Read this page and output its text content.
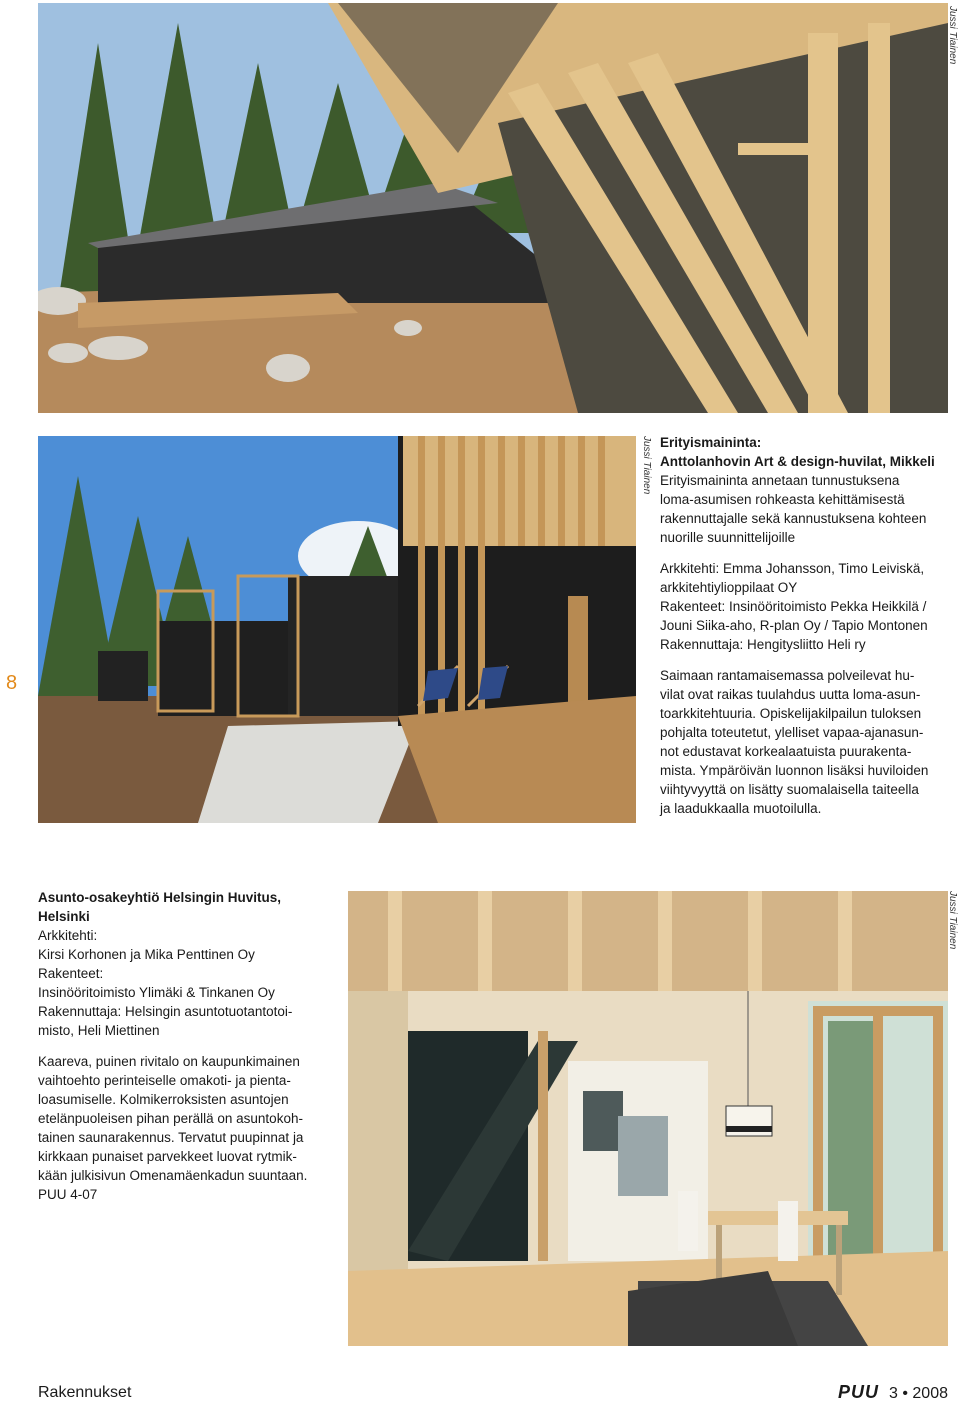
Jussi Tiainen
Jussi Tiainen
8

Erityismaininta:

Anttolanhovin Art & design-huvilat, Mikkeli

Erityismaininta annetaan tunnustuksena

loma-asumisen rohkeasta kehittämisestä

rakennuttajalle sekä kannustuksena kohteen

nuorille suunnittelijoille

Arkkitehti: Emma Johansson, Timo Leiviskä,

arkkitehtiylioppilaat OY

Rakenteet: Insinööritoimisto Pekka Heikkilä /

Jouni Siika-aho, R-plan Oy / Tapio Montonen

Rakennuttaja: Hengitysliitto Heli ry

Saimaan rantamaisemassa polveilevat hu-

vilat ovat raikas tuulahdus uutta loma-asun-

toarkkitehtuuria. Opiskelijakilpailun tuloksen

pohjalta toteutetut, ylelliset vapaa-ajanasun-

not edustavat korkealaatuista puurakenta-

mista. Ympäröivän luonnon lisäksi huviloiden

viihtyvyyttä on lisätty suomalaisella taiteella

ja laadukkaalla muotoilulla.

Asunto-osakeyhtiö Helsingin Huvitus,

Helsinki

Arkkitehti:

Kirsi Korhonen ja Mika Penttinen Oy

Rakenteet:

Insinööritoimisto Ylimäki & Tinkanen Oy

Rakennuttaja: Helsingin asuntotuotantotoi-

misto, Heli Miettinen

Kaareva, puinen rivitalo on kaupunkimainen

vaihtoehto perinteiselle omakoti- ja pienta-

loasumiselle. Kolmikerroksisten asuntojen

etelänpuoleisen pihan perällä on asuntokoh-

tainen saunarakennus. Tervatut puupinnat ja

kirkkaan punaiset parvekkeet luovat rytmik-

kään julkisivun Omenamäenkadun suuntaan.

PUU 4-07

Jussi Tiainen
Rakennukset	PUU 3 • 2008
